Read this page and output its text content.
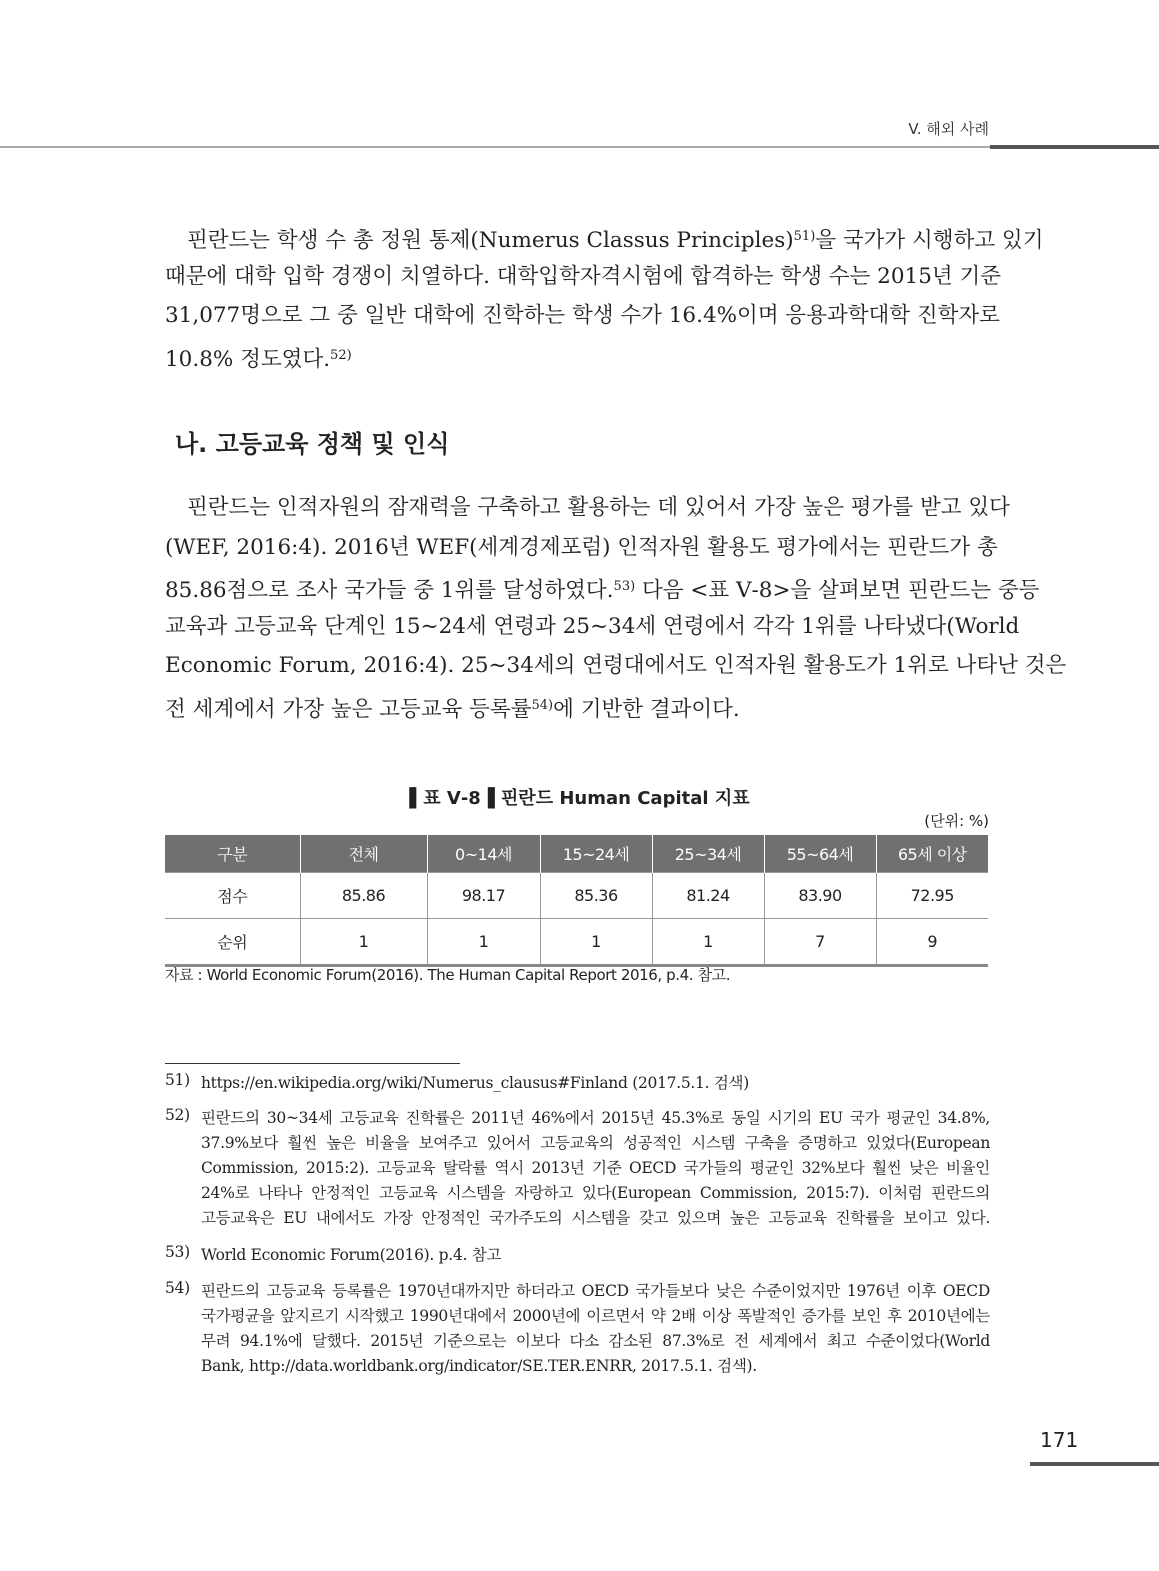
V. 해외 사례
핀란드는 학생 수 총 정원 통제(Numerus Classus Principles)$^{51)}$을 국가가 시행하고 있기
때문에 대학 입학 경쟁이 치열하다. 대학입학자격시험에 합격하는 학생 수는 2015년 기준
31,077명으로 그 중 일반 대학에 진학하는 학생 수가 16.4%이며 응용과학대학 진학자로
10.8% 정도였다.$^{52)}$
나. 고등교육 정책 및 인식
핀란드는 인적자원의 잠재력을 구축하고 활용하는 데 있어서 가장 높은 평가를 받고 있다
(WEF, 2016:4). 2016년 WEF(세계경제포럼) 인적자원 활용도 평가에서는 핀란드가 총
85.86점으로 조사 국가들 중 1위를 달성하였다.$^{53)}$ 다음 <표 Ⅴ-8>을 살펴보면 핀란드는 중등
교육과 고등교육 단계인 15~24세 연령과 25~34세 연령에서 각각 1위를 나타냈다(World
Economic Forum, 2016:4). 25~34세의 연령대에서도 인적자원 활용도가 1위로 나타난 것은
전 세계에서 가장 높은 고등교육 등록률$^{54)}$에 기반한 결과이다.
▌표 Ⅴ-8▐ 핀란드 Human Capital 지표
(단위: %)
구분	전체	0~14세	15~24세	25~34세	55~64세	65세 이상
점수	85.86	98.17	85.36	81.24	83.90	72.95
순위	1	1	1	1	7	9
자료 : World Economic Forum(2016). The Human Capital Report 2016, p.4. 참고.
51) https://en.wikipedia.org/wiki/Numerus_clausus#Finland (2017.5.1. 검색)
52) 핀란드의 30~34세 고등교육 진학률은 2011년 46%에서 2015년 45.3%로 동일 시기의 EU 국가 평균인 34.8%,
37.9%보다 훨씬 높은 비율을 보여주고 있어서 고등교육의 성공적인 시스템 구축을 증명하고 있었다(European
Commission, 2015:2). 고등교육 탈락률 역시 2013년 기준 OECD 국가들의 평균인 32%보다 훨씬 낮은 비율인
24%로 나타나 안정적인 고등교육 시스템을 자랑하고 있다(European Commission, 2015:7). 이처럼 핀란드의
고등교육은 EU 내에서도 가장 안정적인 국가주도의 시스템을 갖고 있으며 높은 고등교육 진학률을 보이고 있다.
53) World Economic Forum(2016). p.4. 참고
54) 핀란드의 고등교육 등록률은 1970년대까지만 하더라고 OECD 국가들보다 낮은 수준이었지만 1976년 이후 OECD
국가평균을 앞지르기 시작했고 1990년대에서 2000년에 이르면서 약 2배 이상 폭발적인 증가를 보인 후 2010년에는
무려 94.1%에 달했다. 2015년 기준으로는 이보다 다소 감소된 87.3%로 전 세계에서 최고 수준이었다(World
Bank, http://data.worldbank.org/indicator/SE.TER.ENRR, 2017.5.1. 검색).
171
